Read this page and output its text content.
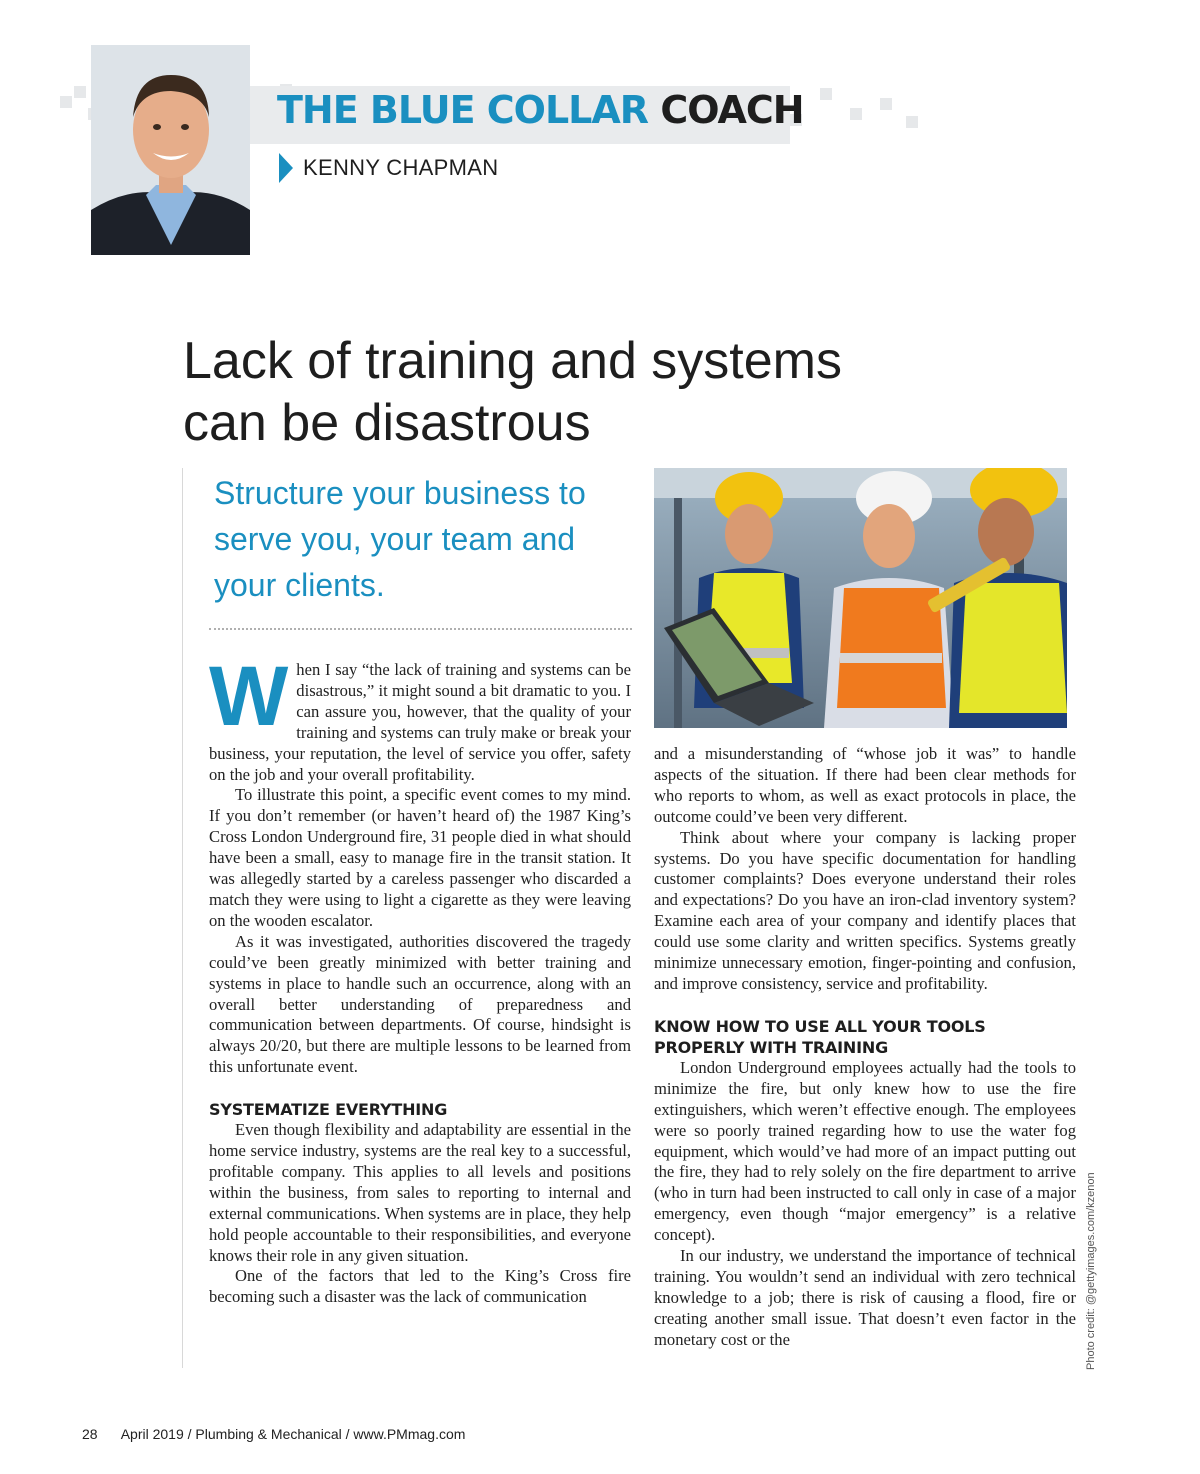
THE BLUE COLLAR COACH
KENNY CHAPMAN
Lack of training and systems
can be disastrous
Structure your business to serve you, your team and your clients.

When I say “the lack of training and systems can be disastrous,” it might sound a bit dramatic to you. I can assure you, however, that the quality of your training and systems can truly make or break your business, your reputation, the level of service you offer, safety on the job and your overall profitability.

To illustrate this point, a specific event comes to my mind. If you don’t remember (or haven’t heard of) the 1987 King’s Cross London Underground fire, 31 people died in what should have been a small, easy to manage fire in the transit station. It was allegedly started by a careless passenger who discarded a match they were using to light a cigarette as they were leaving on the wooden escalator.

As it was investigated, authorities discovered the tragedy could’ve been greatly minimized with better training and systems in place to handle such an occurrence, along with an overall better understanding of preparedness and communication between departments. Of course, hindsight is always 20/20, but there are multiple lessons to be learned from this unfortunate event.

SYSTEMATIZE EVERYTHING

Even though flexibility and adaptability are essential in the home service industry, systems are the real key to a successful, profitable company. This applies to all levels and positions within the business, from sales to reporting to internal and external communications. When systems are in place, they help hold people accountable to their responsibilities, and everyone knows their role in any given situation.

One of the factors that led to the King’s Cross fire becoming such a disaster was the lack of communication

and a misunderstanding of “whose job it was” to handle aspects of the situation. If there had been clear methods for who reports to whom, as well as exact protocols in place, the outcome could’ve been very different.

Think about where your company is lacking proper systems. Do you have specific documentation for handling customer complaints? Does everyone understand their roles and expectations? Do you have an iron-clad inventory system? Examine each area of your company and identify places that could use some clarity and written specifics. Systems greatly minimize unnecessary emotion, finger-pointing and confusion, and improve consistency, service and profitability.

KNOW HOW TO USE ALL YOUR TOOLS
PROPERLY WITH TRAINING

London Underground employees actually had the tools to minimize the fire, but only knew how to use the fire extinguishers, which weren’t effective enough. The employees were so poorly trained regarding how to use the water fog equipment, which would’ve had more of an impact putting out the fire, they had to rely solely on the fire department to arrive (who in turn had been instructed to call only in case of a major emergency, even though “major emergency” is a relative concept).

In our industry, we understand the importance of technical training. You wouldn’t send an individual with zero technical knowledge to a job; there is risk of causing a flood, fire or creating another small issue. That doesn’t even factor in the monetary cost or the	Photo credit: @gettyimages.com/kzenon
28 April 2019 / Plumbing & Mechanical / www.PMmag.com
